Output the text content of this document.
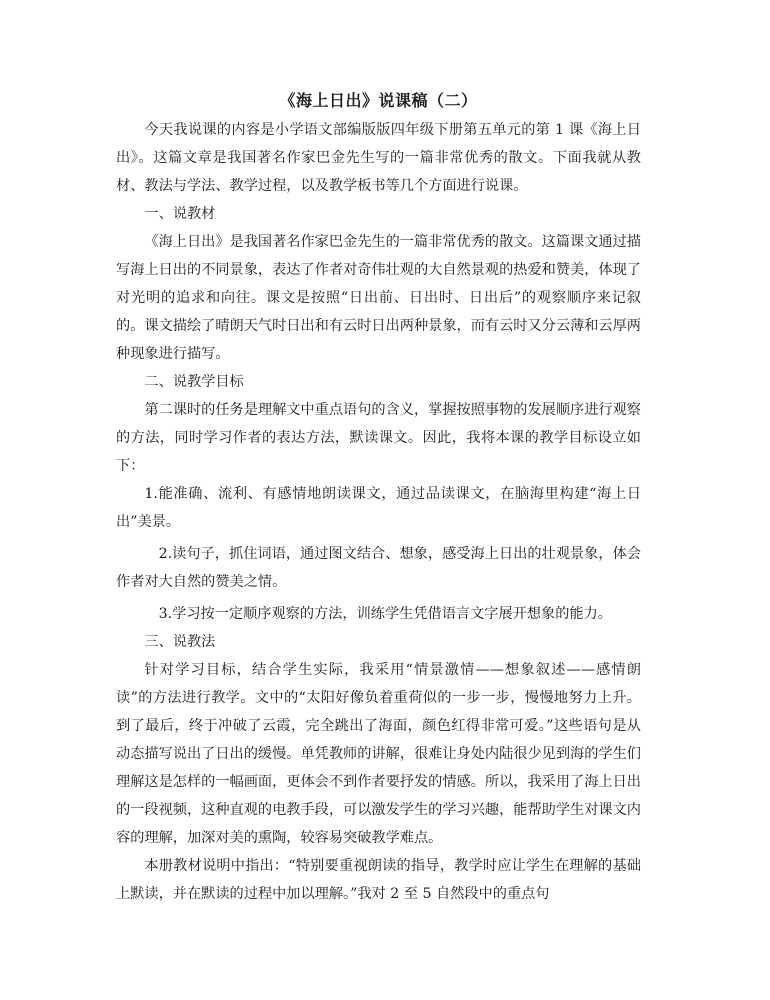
《海上日出》说课稿（二）

今天我说课的内容是小学语文部编版版四年级下册第五单元的第 1 课《海上日出》。这篇文章是我国著名作家巴金先生写的一篇非常优秀的散文。下面我就从教材、教法与学法、教学过程，以及教学板书等几个方面进行说课。

一、说教材

《海上日出》是我国著名作家巴金先生的一篇非常优秀的散文。这篇课文通过描写海上日出的不同景象，表达了作者对奇伟壮观的大自然景观的热爱和赞美，体现了对光明的追求和向往。课文是按照“日出前、日出时、日出后”的观察顺序来记叙的。课文描绘了晴朗天气时日出和有云时日出两种景象，而有云时又分云薄和云厚两种现象进行描写。

二、说教学目标

第二课时的任务是理解文中重点语句的含义，掌握按照事物的发展顺序进行观察的方法，同时学习作者的表达方法，默读课文。因此，我将本课的教学目标设立如下：

1.能准确、流利、有感情地朗读课文，通过品读课文，在脑海里构建“海上日出”美景。

2.读句子，抓住词语，通过图文结合、想象，感受海上日出的壮观景象，体会作者对大自然的赞美之情。

3.学习按一定顺序观察的方法，训练学生凭借语言文字展开想象的能力。

三、说教法

针对学习目标，结合学生实际，我采用“情景激情——想象叙述——感情朗读”的方法进行教学。文中的“太阳好像负着重荷似的一步一步，慢慢地努力上升。到了最后，终于冲破了云霞，完全跳出了海面，颜色红得非常可爱。”这些语句是从动态描写说出了日出的缓慢。单凭教师的讲解，很难让身处内陆很少见到海的学生们理解这是怎样的一幅画面，更体会不到作者要抒发的情感。所以，我采用了海上日出的一段视频，这种直观的电教手段，可以激发学生的学习兴趣，能帮助学生对课文内容的理解，加深对美的熏陶，较容易突破教学难点。

本册教材说明中指出：“特别要重视朗读的指导，教学时应让学生在理解的基础上默读，并在默读的过程中加以理解。”我对 2 至 5 自然段中的重点句
